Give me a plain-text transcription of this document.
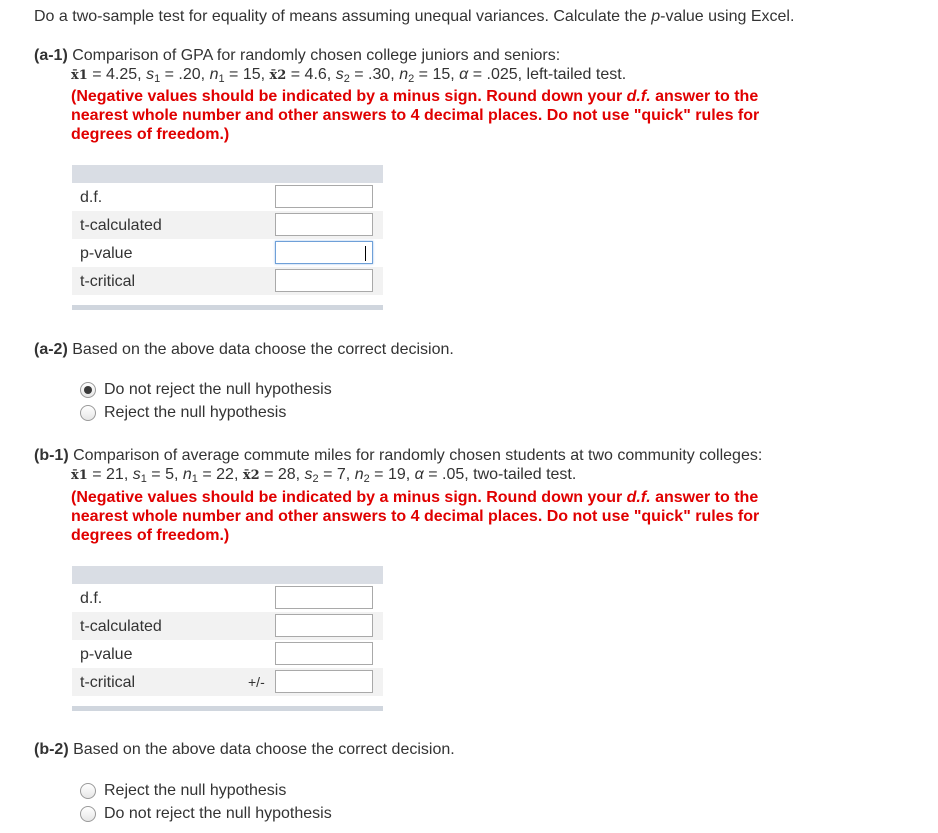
Do a two-sample test for equality of means assuming unequal variances. Calculate the p-value using Excel.
(a-1) Comparison of GPA for randomly chosen college juniors and seniors:
x̄1 = 4.25, $s_1 = .20$, $n_1 = 15$, x̄2 = 4.6, $s_2 = .30$, $n_2 = 15$, α = .025, left-tailed test.
(Negative values should be indicated by a minus sign. Round down your d.f. answer to the nearest whole number and other answers to 4 decimal places. Do not use "quick" rules for degrees of freedom.)
d.f.
t-calculated
p-value
t-critical
(a-2) Based on the above data choose the correct decision.
Do not reject the null hypothesis
Reject the null hypothesis
(b-1) Comparison of average commute miles for randomly chosen students at two community colleges:
x̄1 = 21, $s_1 = 5$, $n_1 = 22$, x̄2 = 28, $s_2 = 7$, $n_2 = 19$, α = .05, two-tailed test.
(Negative values should be indicated by a minus sign. Round down your d.f. answer to the nearest whole number and other answers to 4 decimal places. Do not use "quick" rules for degrees of freedom.)
d.f.
t-calculated
p-value
t-critical	+/-
(b-2) Based on the above data choose the correct decision.
Reject the null hypothesis
Do not reject the null hypothesis
